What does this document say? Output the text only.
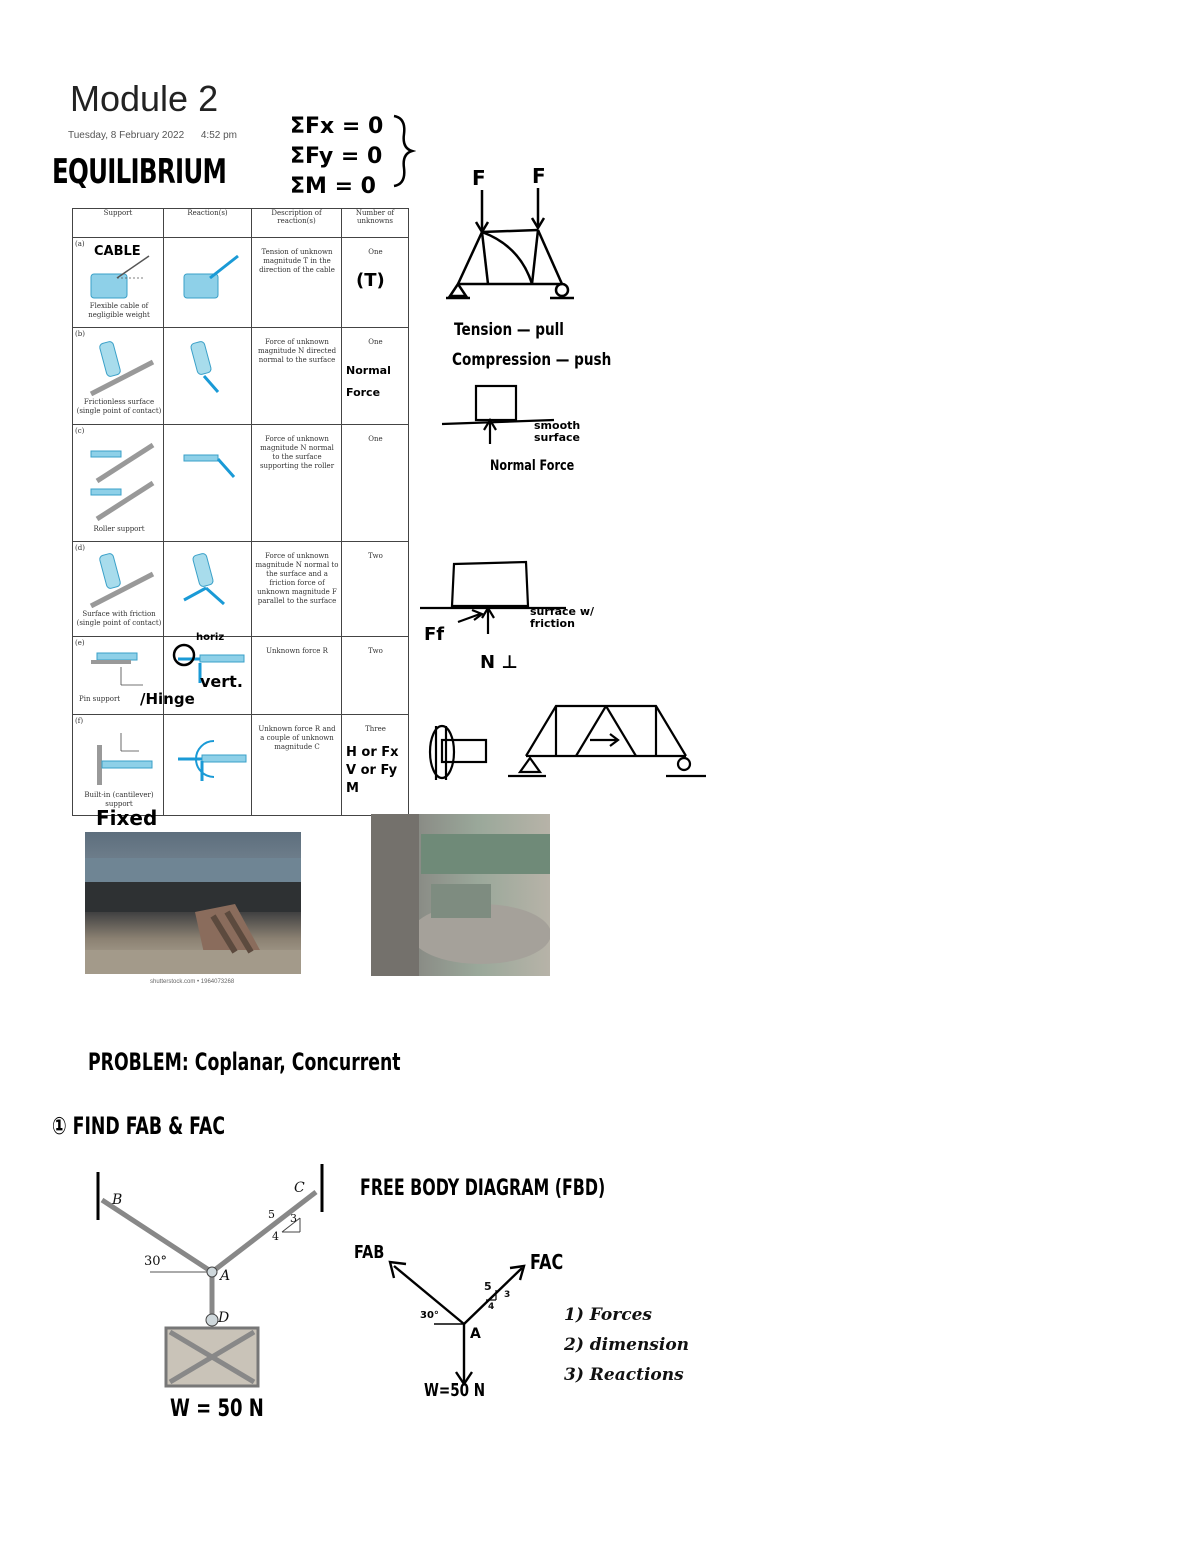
Module 2
Tuesday, 8 February 2022 4:52 pm
EQUILIBRIUM
ΣFx = 0
ΣFy = 0
ΣM = 0	F F
Tension — pull
Compression — push
smooth surface
Normal Force
Ff
N ⊥
surface w/ friction
Support	Reaction(s)	Description of reaction(s)	Number of unknowns

(a)
Flexible cable of negligible weight		Tension of unknown magnitude T in the direction of the cable	One

(b)
Frictionless surface (single point of contact)		Force of unknown magnitude N directed normal to the surface	One

(c)
Roller support		Force of unknown magnitude N normal to the surface supporting the roller	One

(d)
Surface with friction (single point of contact)		Force of unknown magnitude N normal to the surface and a friction force of unknown magnitude F parallel to the surface	Two

(e)
Pin support		Unknown force R	Two

(f)
Built-in (cantilever) support		Unknown force R and a couple of unknown magnitude C	Three
CABLE
(T)
Normal Force
horiz
vert.
/Hinge
H or Fx
V or Fy
M
Fixed
shutterstock.com • 1964073268
PROBLEM: Coplanar, Concurrent
① FIND FAB & FAC
B
C
A
D
30°
5 3
4
W = 50 N
FREE BODY DIAGRAM (FBD)
FAB	FAC
30°
A
5
3
4
W=50 N
1) Forces
2) dimension
3) Reactions
